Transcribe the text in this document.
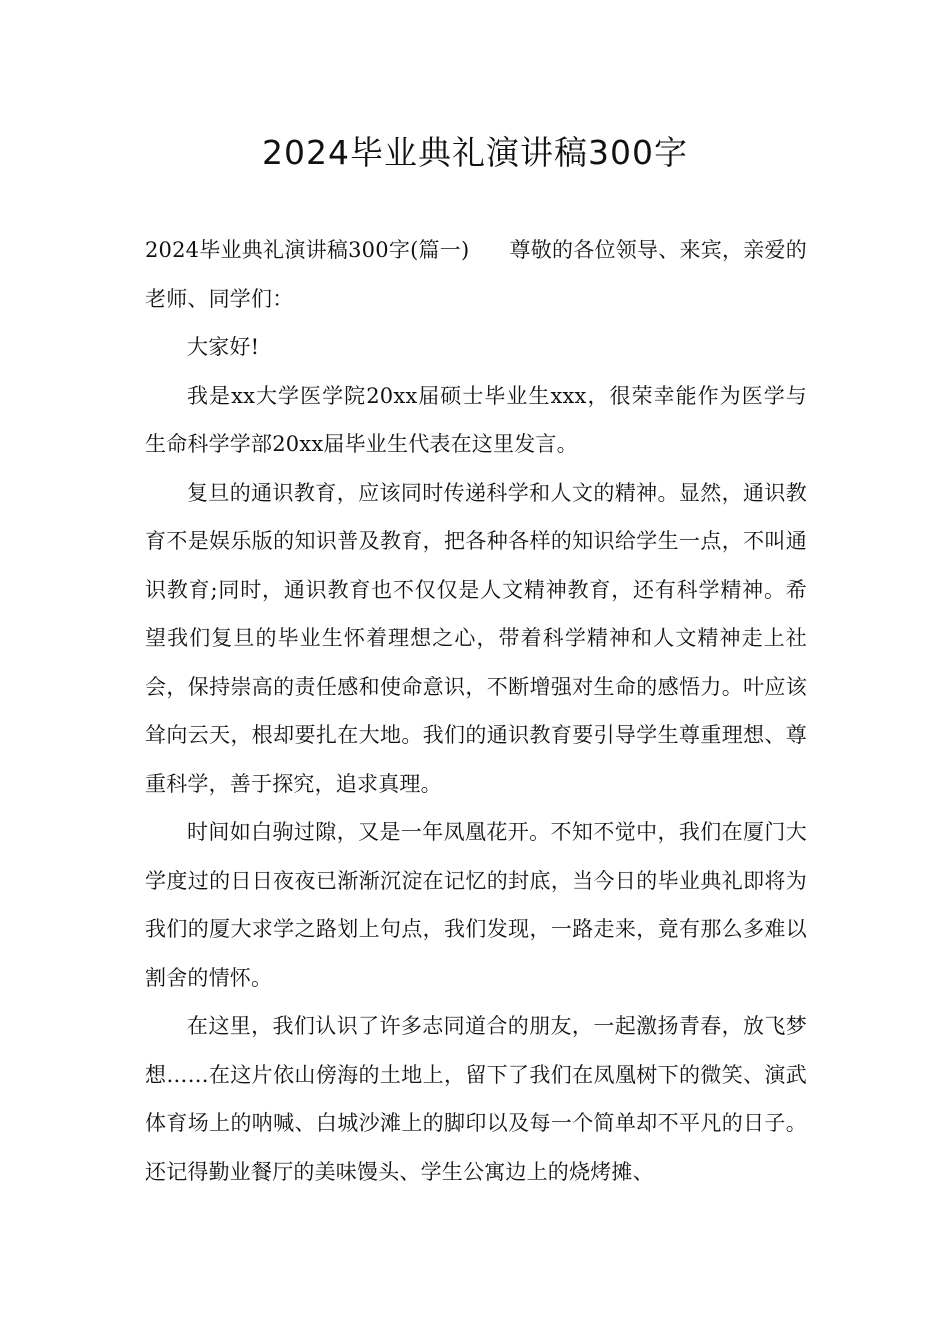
2024毕业典礼演讲稿300字

2024毕业典礼演讲稿300字(篇一) 尊敬的各位领导、来宾，亲爱的老师、同学们：

大家好!

我是xx大学医学院20xx届硕士毕业生xxx，很荣幸能作为医学与生命科学学部20xx届毕业生代表在这里发言。

复旦的通识教育，应该同时传递科学和人文的精神。显然，通识教育不是娱乐版的知识普及教育，把各种各样的知识给学生一点，不叫通识教育;同时，通识教育也不仅仅是人文精神教育，还有科学精神。希望我们复旦的毕业生怀着理想之心，带着科学精神和人文精神走上社会，保持崇高的责任感和使命意识，不断增强对生命的感悟力。叶应该耸向云天，根却要扎在大地。我们的通识教育要引导学生尊重理想、尊重科学，善于探究，追求真理。

时间如白驹过隙，又是一年凤凰花开。不知不觉中，我们在厦门大学度过的日日夜夜已渐渐沉淀在记忆的封底，当今日的毕业典礼即将为我们的厦大求学之路划上句点，我们发现，一路走来，竟有那么多难以割舍的情怀。

在这里，我们认识了许多志同道合的朋友，一起激扬青春，放飞梦想……在这片依山傍海的土地上，留下了我们在凤凰树下的微笑、演武体育场上的呐喊、白城沙滩上的脚印以及每一个简单却不平凡的日子。还记得勤业餐厅的美味馒头、学生公寓边上的烧烤摊、
